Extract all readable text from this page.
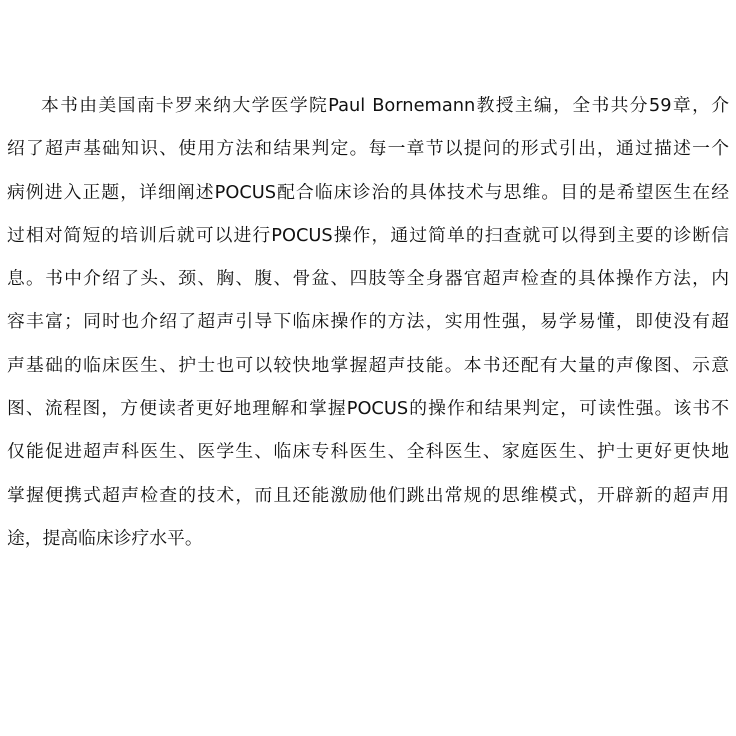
本书由美国南卡罗来纳大学医学院Paul Bornemann教授主编，全书共分59章，介
绍了超声基础知识、使用方法和结果判定。每一章节以提问的形式引出，通过描述一个
病例进入正题，详细阐述POCUS配合临床诊治的具体技术与思维。目的是希望医生在经
过相对简短的培训后就可以进行POCUS操作，通过简单的扫查就可以得到主要的诊断信
息。书中介绍了头、颈、胸、腹、骨盆、四肢等全身器官超声检查的具体操作方法，内
容丰富；同时也介绍了超声引导下临床操作的方法，实用性强，易学易懂，即使没有超
声基础的临床医生、护士也可以较快地掌握超声技能。本书还配有大量的声像图、示意
图、流程图，方便读者更好地理解和掌握POCUS的操作和结果判定，可读性强。该书不
仅能促进超声科医生、医学生、临床专科医生、全科医生、家庭医生、护士更好更快地
掌握便携式超声检查的技术，而且还能激励他们跳出常规的思维模式，开辟新的超声用
途，提高临床诊疗水平。
